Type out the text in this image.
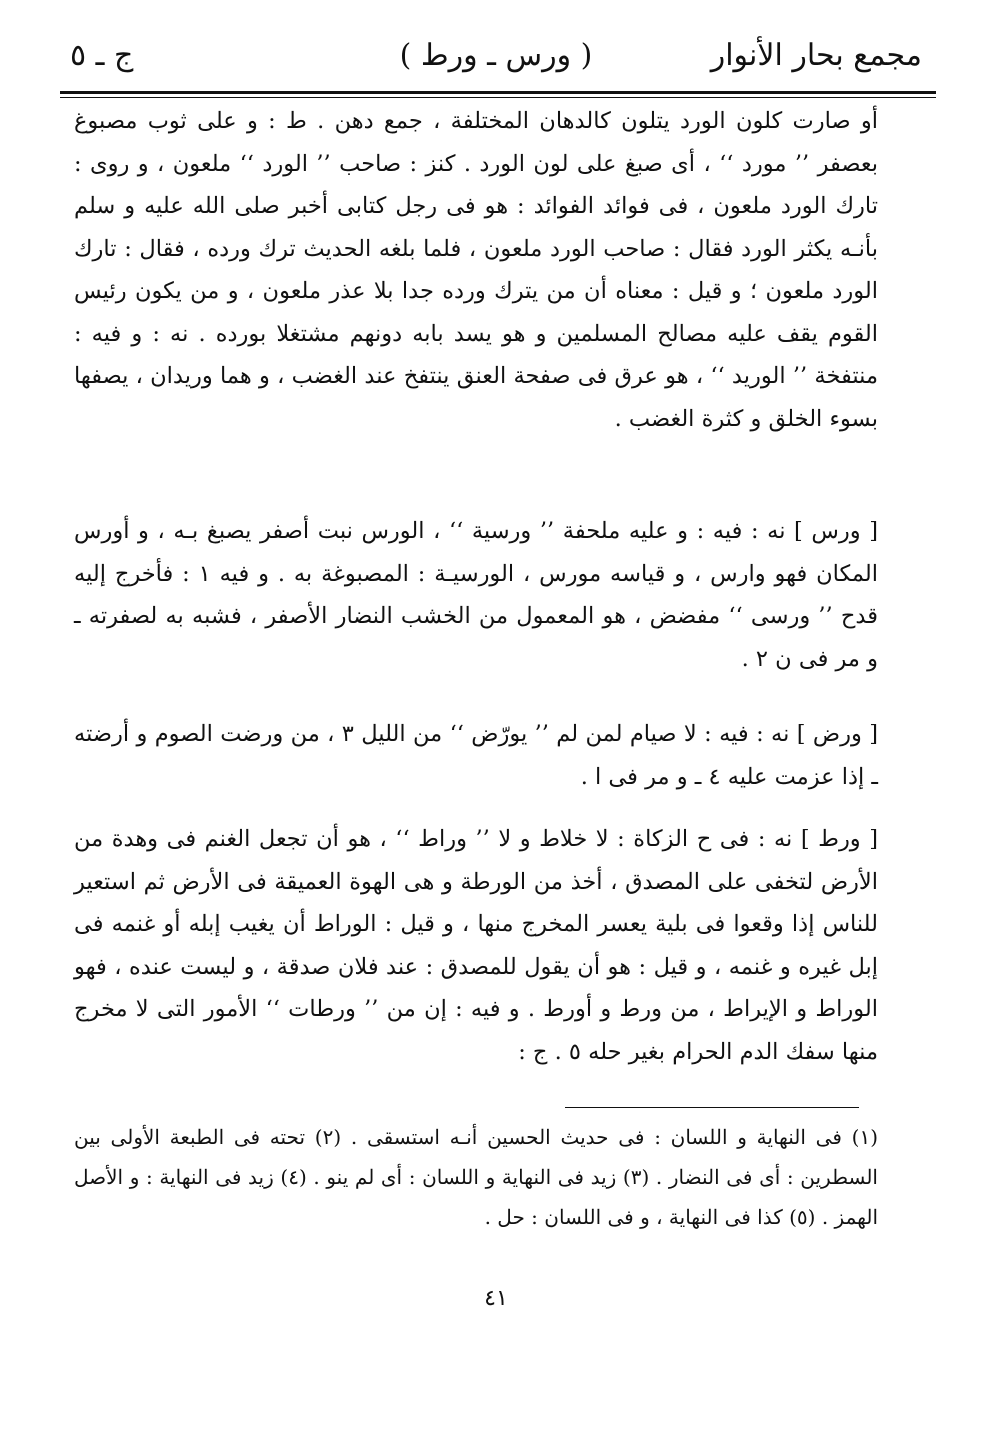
مجمع بحار الأنوار
( ورس ـ ورط )
ج ـ ٥

أو صارت كلون الورد يتلون كالدهان المختلفة ، جمع دهن . ط : و على ثوب مصبوغ بعصفر ’’ مورد ‘‘ ، أى صبغ على لون الورد . كنز : صاحب ’’ الورد ‘‘ ملعون ، و روى : تارك الورد ملعون ، فى فوائد الفوائد : هو فى رجل كتابى أخبر صلى الله عليه و سلم بأنـه يكثر الورد فقال : صاحب الورد ملعون ، فلما بلغه الحديث ترك ورده ، فقال : تارك الورد ملعون ؛ و قيل : معناه أن من يترك ورده جدا بلا عذر ملعون ، و من يكون رئيس القوم يقف عليه مصالح المسلمين و هو يسد بابه دونهم مشتغلا بورده . نه : و فيه : منتفخة ’’ الوريد ‘‘ ، هو عرق فى صفحة العنق ينتفخ عند الغضب ، و هما وريدان ، يصفها بسوء الخلق و كثرة الغضب .

[ ورس ] نه : فيه : و عليه ملحفة ’’ ورسية ‘‘ ، الورس نبت أصفر يصبغ بـه ، و أورس المكان فهو وارس ، و قياسه مورس ، الورسيـة : المصبوغة به . و فيه ١ : فأخرج إليه قدح ’’ ورسى ‘‘ مفضض ، هو المعمول من الخشب النضار الأصفر ، فشبه به لصفرته ـ و مر فى ن ٢ .

[ ورض ] نه : فيه : لا صيام لمن لم ’’ يورّض ‘‘ من الليل ٣ ، من ورضت الصوم و أرضته ـ إذا عزمت عليه ٤ ـ و مر فى ا .

[ ورط ] نه : فى ح الزكاة : لا خلاط و لا ’’ وراط ‘‘ ، هو أن تجعل الغنم فى وهدة من الأرض لتخفى على المصدق ، أخذ من الورطة و هى الهوة العميقة فى الأرض ثم استعير للناس إذا وقعوا فى بلية يعسر المخرج منها ، و قيل : الوراط أن يغيب إبله أو غنمه فى إبل غيره و غنمه ، و قيل : هو أن يقول للمصدق : عند فلان صدقة ، و ليست عنده ، فهو الوراط و الإيراط ، من ورط و أورط . و فيه : إن من ’’ ورطات ‘‘ الأمور التى لا مخرج منها سفك الدم الحرام بغير حله ٥ . ج :

(١) فى النهاية و اللسان : فى حديث الحسين أنـه استسقى . (٢) تحته فى الطبعة الأولى بين السطرين : أى فى النضار . (٣) زيد فى النهاية و اللسان : أى لم ينو . (٤) زيد فى النهاية : و الأصل الهمز . (٥) كذا فى النهاية ، و فى اللسان : حل .

٤١
